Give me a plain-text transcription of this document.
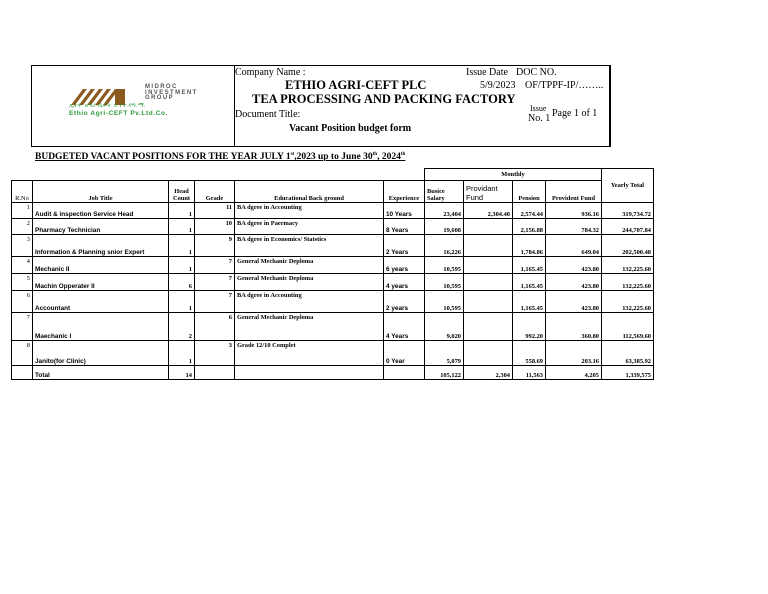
MIDROC INVESTMENT GROUP
ኢትዮ አግሪ-ሴፍት ኃ.የተ.የግ.ማ.
Ethio Agri-CEFT Pv.Ltd.Co.
Company Name :
ETHIO AGRI-CEFT PLC
TEA PROCESSING AND PACKING FACTORY
Document Title:
Vacant Position budget form
Issue Date DOC NO.
5/9/2023 OF/TPPF-IP/……..
Issue
No. 1 Page 1 of 1
BUDGETED VACANT POSITIONS FOR THE YEAR JULY 1st,2023 up to June 30th, 2024th
						Monthly				Yearly Total
R.No	Job Title	Head Count	Grade	Educational Back ground	Experience	Busice Salary	Providant Fund	Pension	Provident Fund	
1	Audit & inspection Service Head	1	11	BA dgree in Accounting	10 Years	23,404	2,304.40	2,574.44	936.16	319,734.72
2	Pharmacy Technician	1	10	BA dgree in Paermacy	8 Years	19,608		2,156.88	784.32	244,707.84
3	Information & Planning snior Expert	1	9	BA dgree in Economics/ Statstics	2 Years	16,226		1,784.86	649.04	202,500.48
4	Mechanic II	1	7	General Mechanic Deploma	6 years	10,595		1,165.45	423.80	132,225.60
5	Machin Opperater II	6	7	General Mechanic Deploma	4 years	10,595		1,165.45	423.80	132,225.60
6	Accountant	1	7	BA dgree in Accounting	2 years	10,595		1,165.45	423.80	132,225.60
7	Maechanic I	2	6	General Mechanic Deploma	4 Years	9,020		992.20	360.80	112,569.60
8	Janito(for Clinic)	1	3	Grade 12/10 Complet	0 Year	5,079		558.69	203.16	63,385.92
	Total	14				105,122	2,304	11,563	4,205	1,339,575
